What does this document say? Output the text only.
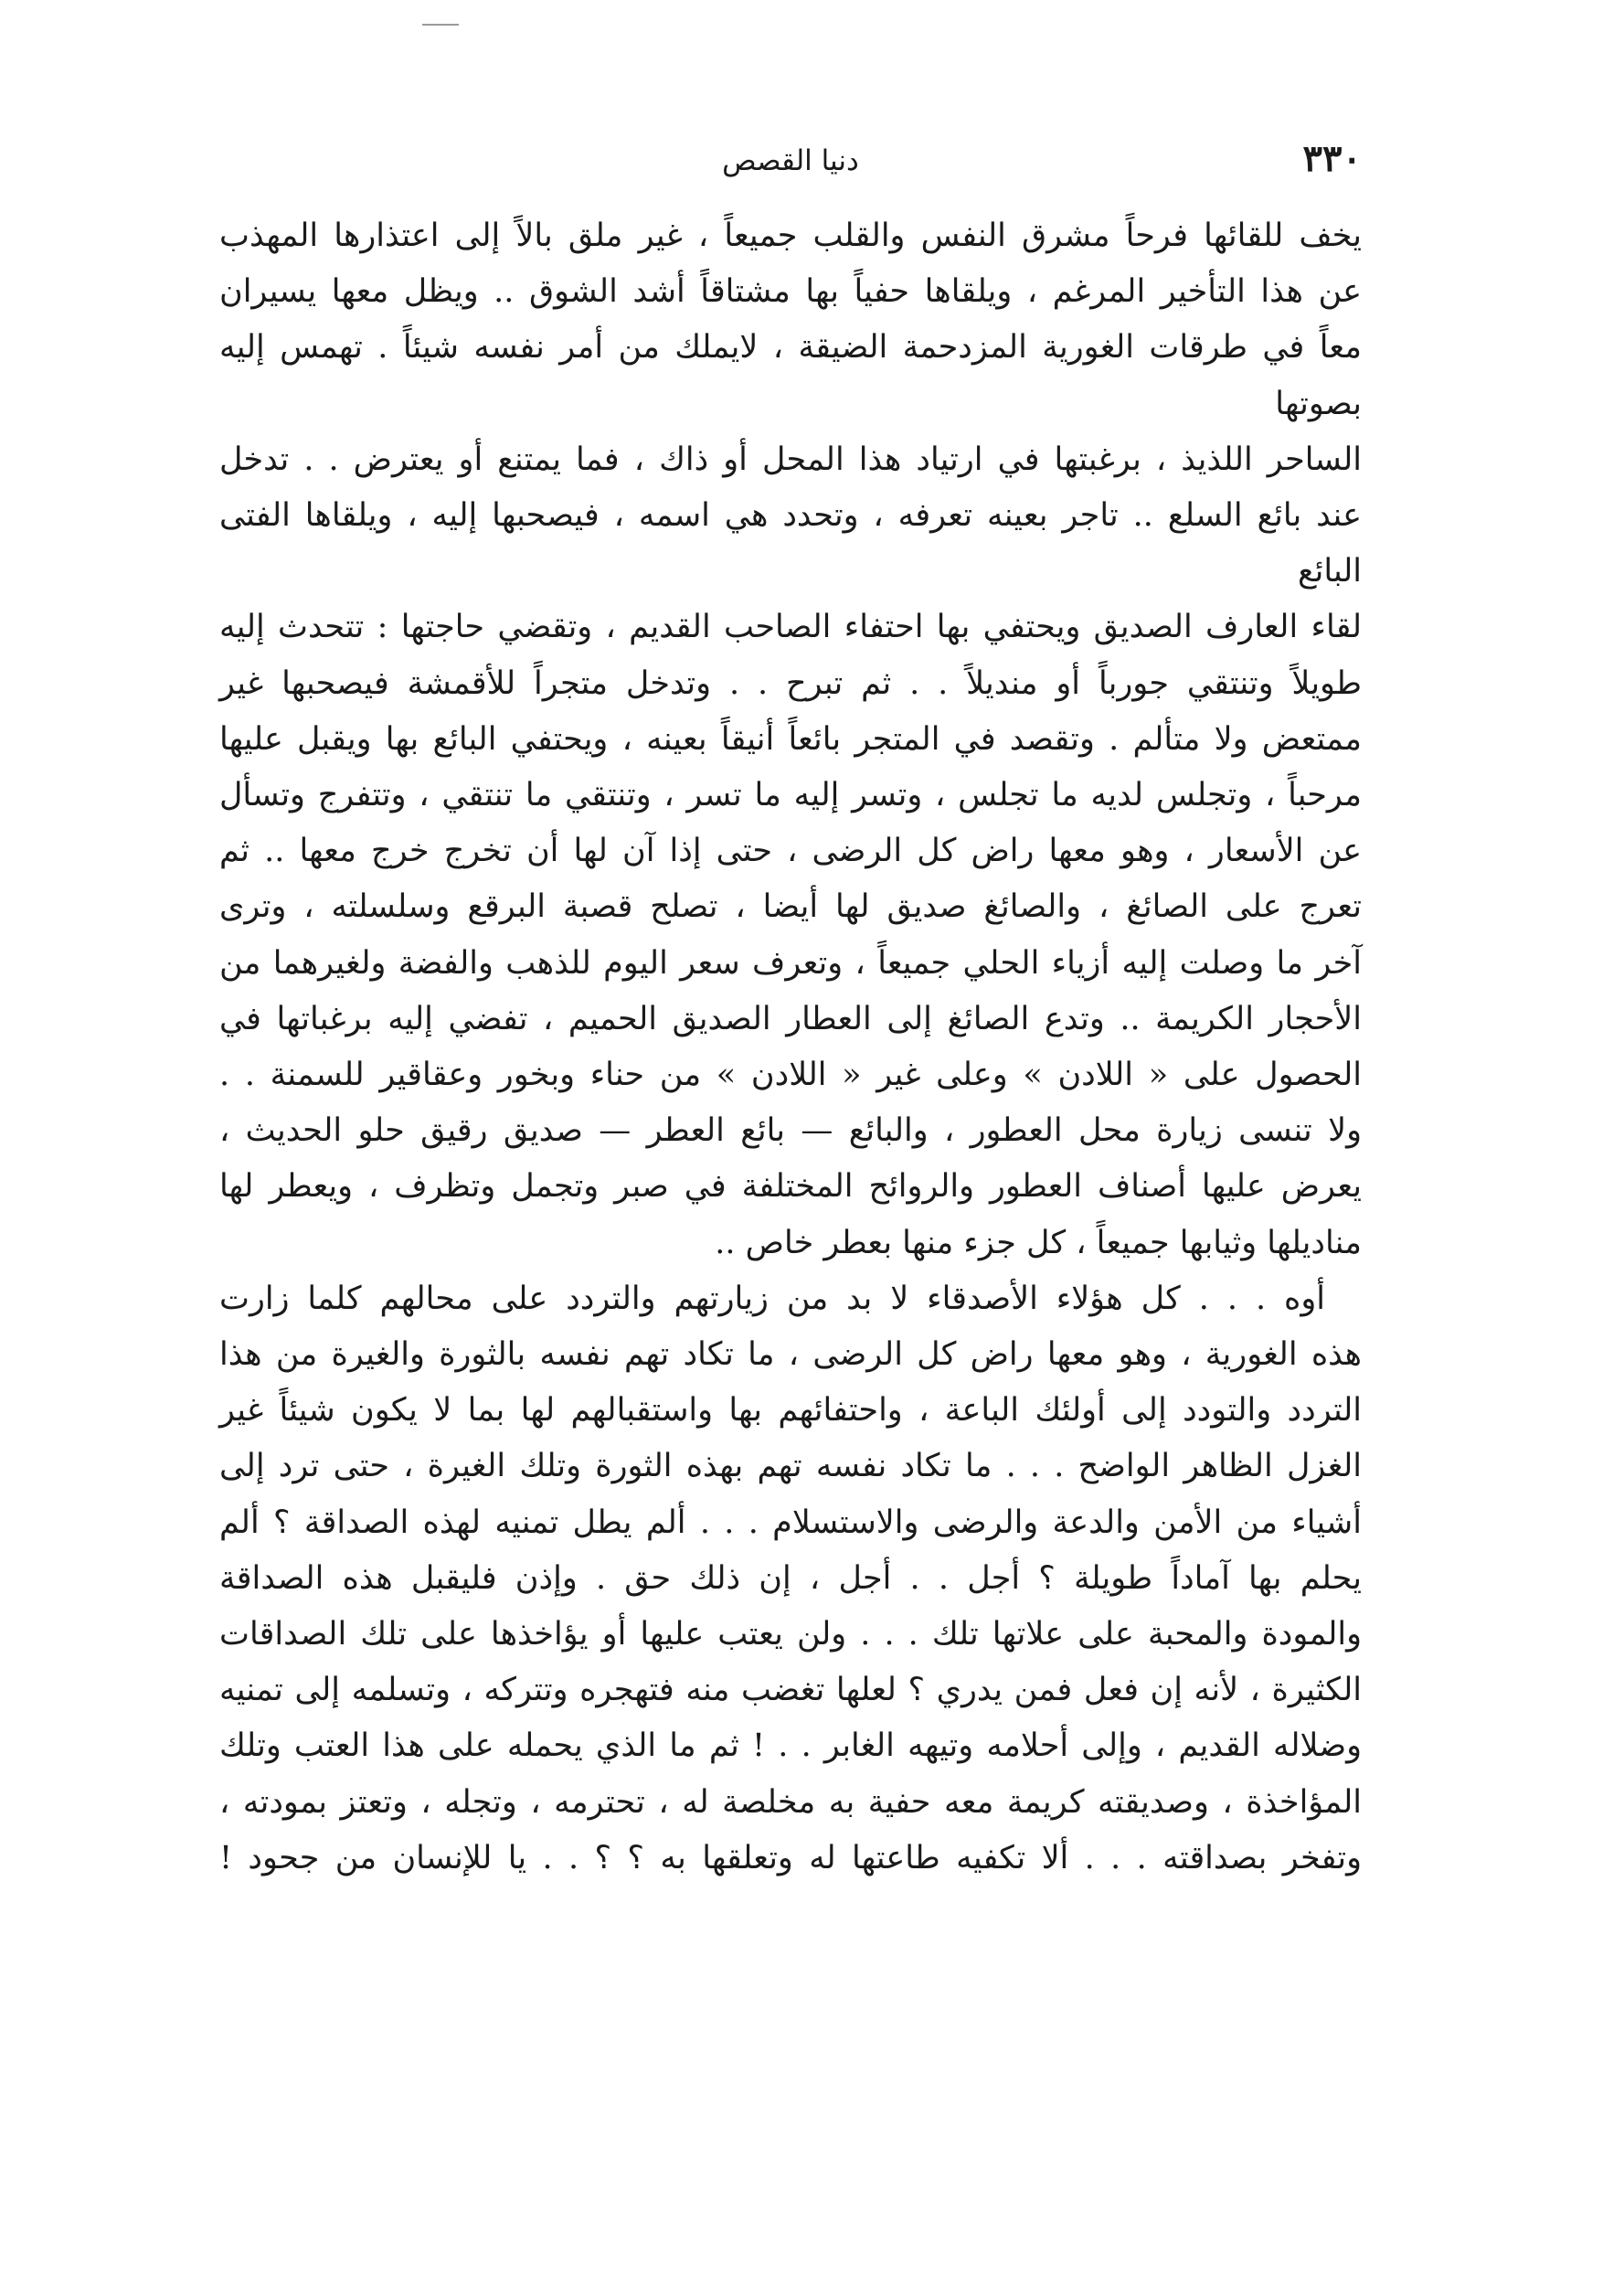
٣٣٠
دنيا القصص

يخف للقائها فرحاً مشرق النفس والقلب جميعاً ، غير ملق بالاً إلى اعتذارها المهذب

عن هذا التأخير المرغم ، ويلقاها حفياً بها مشتاقاً أشد الشوق .. ويظل معها يسيران

معاً في طرقات الغورية المزدحمة الضيقة ، لايملك من أمر نفسه شيئاً . تهمس إليه بصوتها

الساحر اللذيذ ، برغبتها في ارتياد هذا المحل أو ذاك ، فما يمتنع أو يعترض . . تدخل

عند بائع السلع .. تاجر بعينه تعرفه ، وتحدد هي اسمه ، فيصحبها إليه ، ويلقاها الفتى البائع

لقاء العارف الصديق ويحتفي بها احتفاء الصاحب القديم ، وتقضي حاجتها : تتحدث إليه

طويلاً وتنتقي جورباً أو منديلاً . . ثم تبرح . . وتدخل متجراً للأقمشة فيصحبها غير

ممتعض ولا متألم . وتقصد في المتجر بائعاً أنيقاً بعينه ، ويحتفي البائع بها ويقبل عليها

مرحباً ، وتجلس لديه ما تجلس ، وتسر إليه ما تسر ، وتنتقي ما تنتقي ، وتتفرج وتسأل

عن الأسعار ، وهو معها راض كل الرضى ، حتى إذا آن لها أن تخرج خرج معها .. ثم

تعرج على الصائغ ، والصائغ صديق لها أيضا ، تصلح قصبة البرقع وسلسلته ، وترى

آخر ما وصلت إليه أزياء الحلي جميعاً ، وتعرف سعر اليوم للذهب والفضة ولغيرهما من

الأحجار الكريمة .. وتدع الصائغ إلى العطار الصديق الحميم ، تفضي إليه برغباتها في

الحصول على « اللادن » وعلى غير « اللادن » من حناء وبخور وعقاقير للسمنة . .

ولا تنسى زيارة محل العطور ، والبائع — بائع العطر — صديق رقيق حلو الحديث ،

يعرض عليها أصناف العطور والروائح المختلفة في صبر وتجمل وتظرف ، ويعطر لها

مناديلها وثيابها جميعاً ، كل جزء منها بعطر خاص ..

أوه . . . كل هؤلاء الأصدقاء لا بد من زيارتهم والتردد على محالهم كلما زارت

هذه الغورية ، وهو معها راض كل الرضى ، ما تكاد تهم نفسه بالثورة والغيرة من هذا

التردد والتودد إلى أولئك الباعة ، واحتفائهم بها واستقبالهم لها بما لا يكون شيئاً غير

الغزل الظاهر الواضح . . . ما تكاد نفسه تهم بهذه الثورة وتلك الغيرة ، حتى ترد إلى

أشياء من الأمن والدعة والرضى والاستسلام . . . ألم يطل تمنيه لهذه الصداقة ؟ ألم

يحلم بها آماداً طويلة ؟ أجل . . أجل ، إن ذلك حق . وإذن فليقبل هذه الصداقة

والمودة والمحبة على علاتها تلك . . . ولن يعتب عليها أو يؤاخذها على تلك الصداقات

الكثيرة ، لأنه إن فعل فمن يدري ؟ لعلها تغضب منه فتهجره وتتركه ، وتسلمه إلى تمنيه

وضلاله القديم ، وإلى أحلامه وتيهه الغابر . . ! ثم ما الذي يحمله على هذا العتب وتلك

المؤاخذة ، وصديقته كريمة معه حفية به مخلصة له ، تحترمه ، وتجله ، وتعتز بمودته ،

وتفخر بصداقته . . . ألا تكفيه طاعتها له وتعلقها به ؟ ؟ . . يا للإنسان من جحود !
